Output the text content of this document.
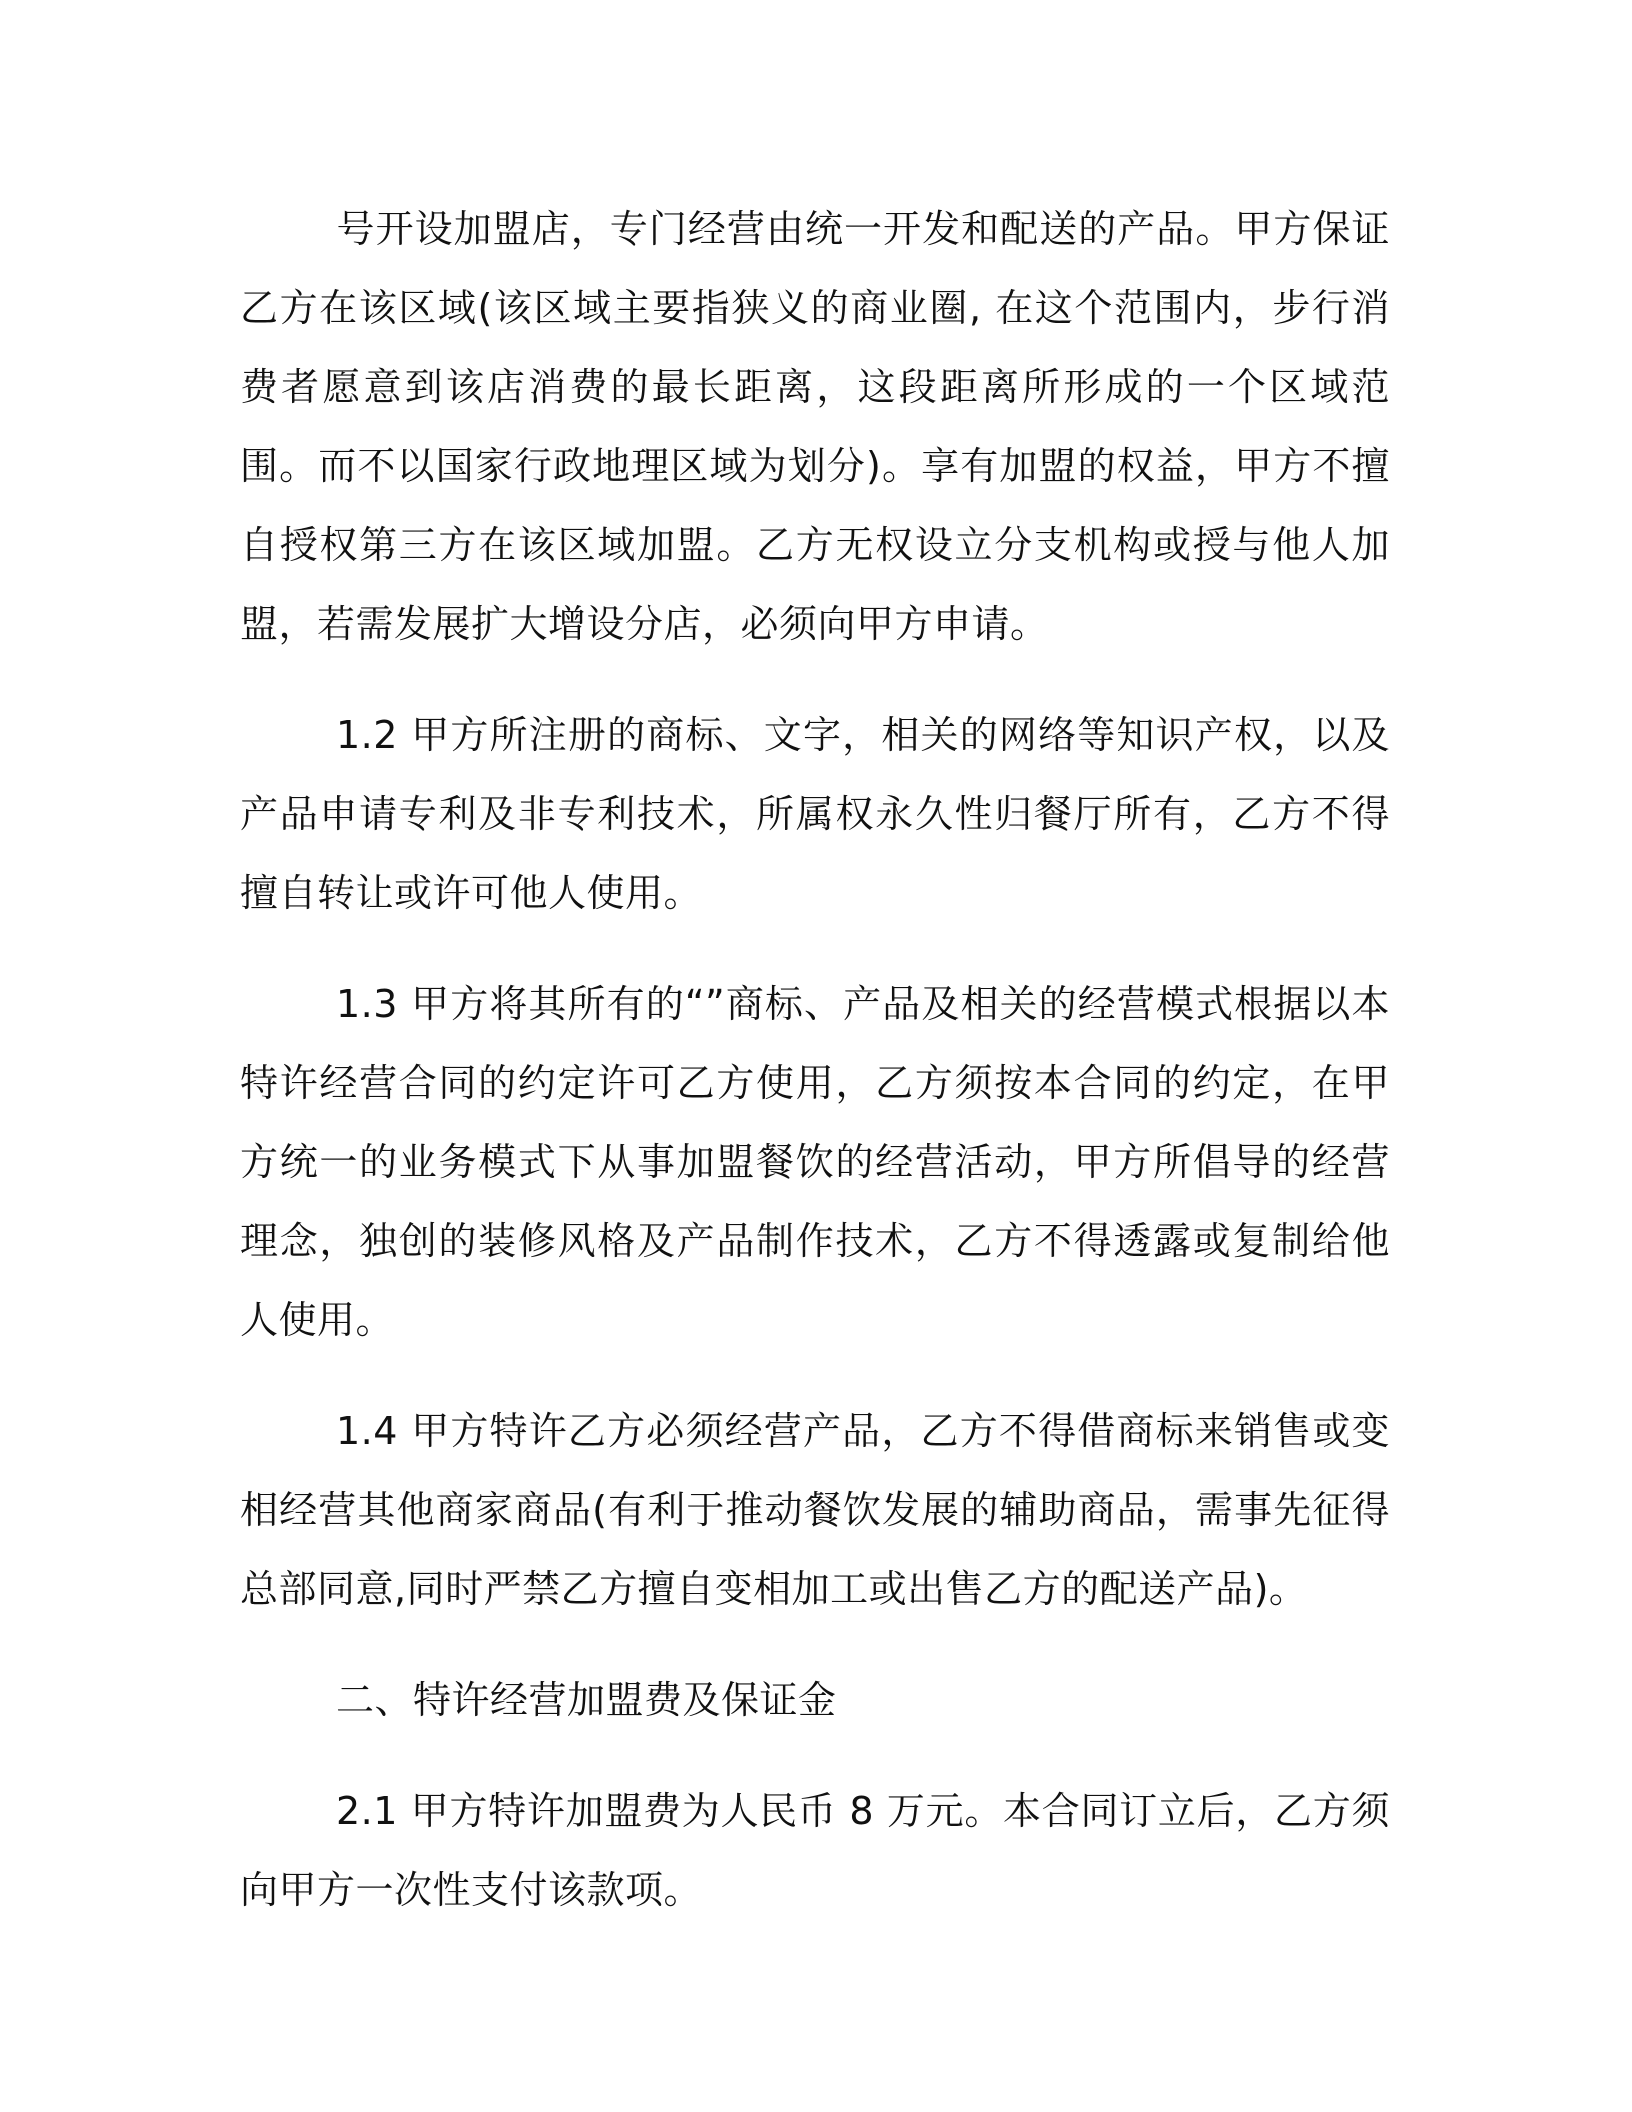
号开设加盟店，专门经营由统一开发和配送的产品。甲方保证乙方在该区域(该区域主要指狭义的商业圈, 在这个范围内，步行消费者愿意到该店消费的最长距离，这段距离所形成的一个区域范围。而不以国家行政地理区域为划分)。享有加盟的权益，甲方不擅自授权第三方在该区域加盟。乙方无权设立分支机构或授与他人加盟，若需发展扩大增设分店，必须向甲方申请。

1.2 甲方所注册的商标、文字，相关的网络等知识产权，以及产品申请专利及非专利技术，所属权永久性归餐厅所有，乙方不得擅自转让或许可他人使用。

1.3 甲方将其所有的“”商标、产品及相关的经营模式根据以本特许经营合同的约定许可乙方使用，乙方须按本合同的约定，在甲方统一的业务模式下从事加盟餐饮的经营活动，甲方所倡导的经营理念，独创的装修风格及产品制作技术，乙方不得透露或复制给他人使用。

1.4 甲方特许乙方必须经营产品，乙方不得借商标来销售或变相经营其他商家商品(有利于推动餐饮发展的辅助商品，需事先征得总部同意,同时严禁乙方擅自变相加工或出售乙方的配送产品)。

二、特许经营加盟费及保证金

2.1 甲方特许加盟费为人民币 8 万元。本合同订立后，乙方须向甲方一次性支付该款项。
